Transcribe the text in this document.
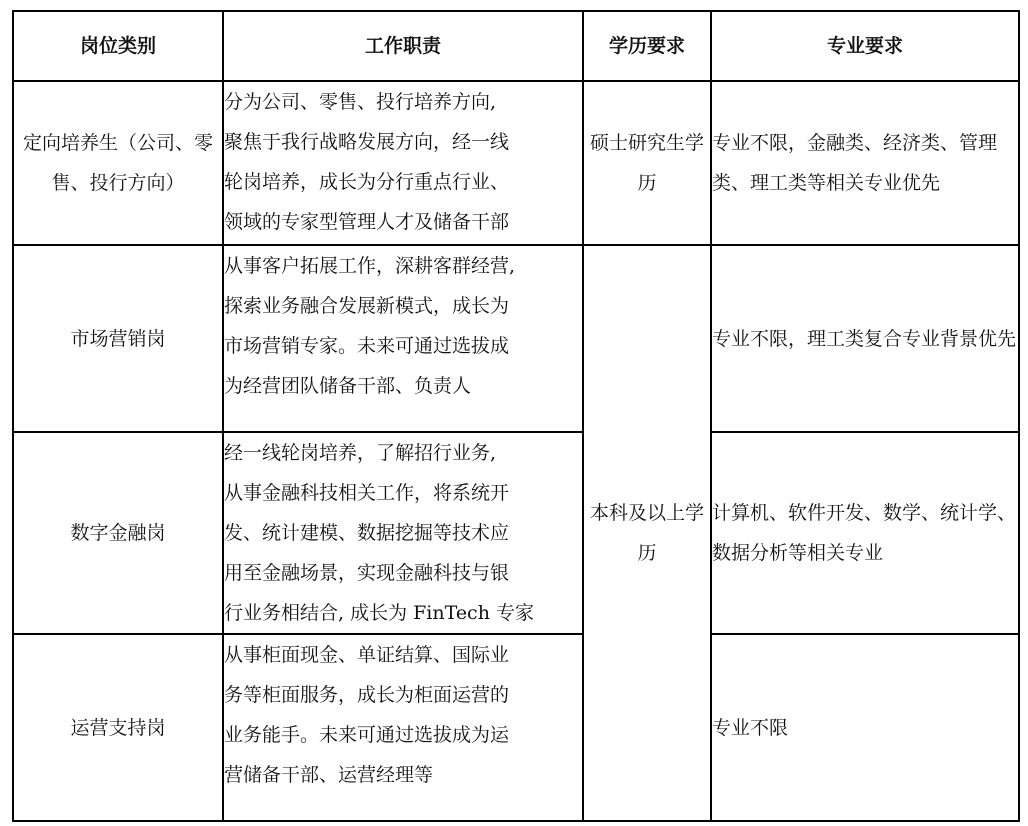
岗位类别	工作职责	学历要求	专业要求
定向培养生（公司、零售、投行方向）	分为公司、零售、投行培养方向,
聚焦于我行战略发展方向，经一线
轮岗培养，成长为分行重点行业、
领域的专家型管理人才及储备干部	硕士研究生学历	专业不限，金融类、经济类、管理类、理工类等相关专业优先
市场营销岗	从事客户拓展工作，深耕客群经营,
探索业务融合发展新模式，成长为
市场营销专家。未来可通过选拔成
为经营团队储备干部、负责人	本科及以上学历	专业不限，理工类复合专业背景优先
数字金融岗	经一线轮岗培养，了解招行业务,
从事金融科技相关工作，将系统开
发、统计建模、数据挖掘等技术应
用至金融场景，实现金融科技与银
行业务相结合, 成长为 FinTech 专家		计算机、软件开发、数学、统计学、数据分析等相关专业
运营支持岗	从事柜面现金、单证结算、国际业
务等柜面服务，成长为柜面运营的
业务能手。未来可通过选拔成为运
营储备干部、运营经理等		专业不限
